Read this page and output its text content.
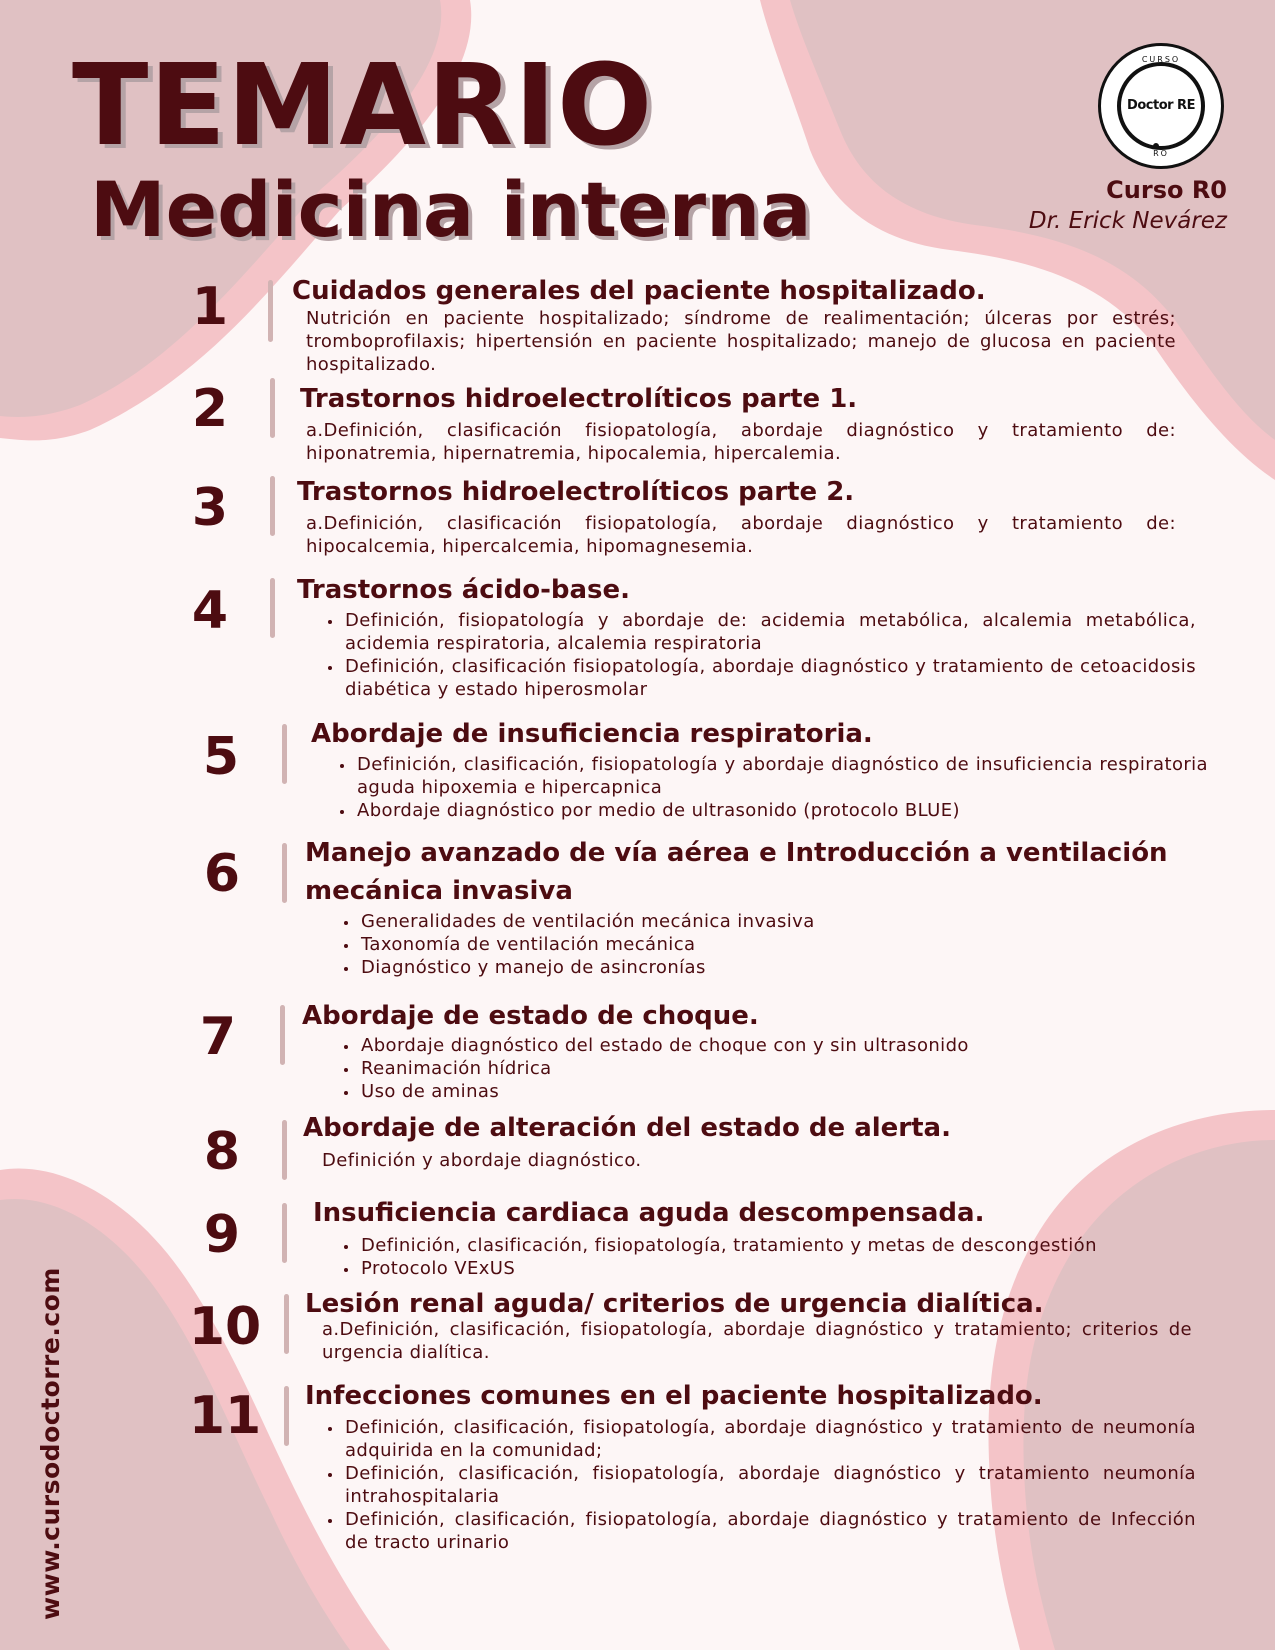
TEMARIO
Medicina interna
CURSO
Doctor RE
RO
Curso R0
Dr. Erick Nevárez
www.cursodoctorre.com
1	Cuidados generales del paciente hospitalizado.
Nutrición en paciente hospitalizado; síndrome de realimentación; úlceras por estrés; tromboprofilaxis; hipertensión en paciente hospitalizado; manejo de glucosa en paciente hospitalizado.
2	Trastornos hidroelectrolíticos parte 1.
a.Definición, clasificación fisiopatología, abordaje diagnóstico y tratamiento de: hiponatremia, hipernatremia, hipocalemia, hipercalemia.
3	Trastornos hidroelectrolíticos parte 2.
a.Definición, clasificación fisiopatología, abordaje diagnóstico y tratamiento de: hipocalcemia, hipercalcemia, hipomagnesemia.
4	Trastornos ácido-base.
• Definición, fisiopatología y abordaje de: acidemia metabólica, alcalemia metabólica, acidemia respiratoria, alcalemia respiratoria
• Definición, clasificación fisiopatología, abordaje diagnóstico y tratamiento de cetoacidosis diabética y estado hiperosmolar
5	Abordaje de insuficiencia respiratoria.
• Definición, clasificación, fisiopatología y abordaje diagnóstico de insuficiencia respiratoria aguda hipoxemia e hipercapnica
• Abordaje diagnóstico por medio de ultrasonido (protocolo BLUE)
6	Manejo avanzado de vía aérea e Introducción a ventilación mecánica invasiva
• Generalidades de ventilación mecánica invasiva
• Taxonomía de ventilación mecánica
• Diagnóstico y manejo de asincronías
7	Abordaje de estado de choque.
• Abordaje diagnóstico del estado de choque con y sin ultrasonido
• Reanimación hídrica
• Uso de aminas
8	Abordaje de alteración del estado de alerta.
Definición y abordaje diagnóstico.
9	Insuficiencia cardiaca aguda descompensada.
• Definición, clasificación, fisiopatología, tratamiento y metas de descongestión
• Protocolo VExUS
10 Lesión renal aguda/ criterios de urgencia dialítica.
a.Definición, clasificación, fisiopatología, abordaje diagnóstico y tratamiento; criterios de urgencia dialítica.
11 Infecciones comunes en el paciente hospitalizado.
• Definición, clasificación, fisiopatología, abordaje diagnóstico y tratamiento de neumonía adquirida en la comunidad;
• Definición, clasificación, fisiopatología, abordaje diagnóstico y tratamiento neumonía intrahospitalaria
• Definición, clasificación, fisiopatología, abordaje diagnóstico y tratamiento de Infección de tracto urinario
